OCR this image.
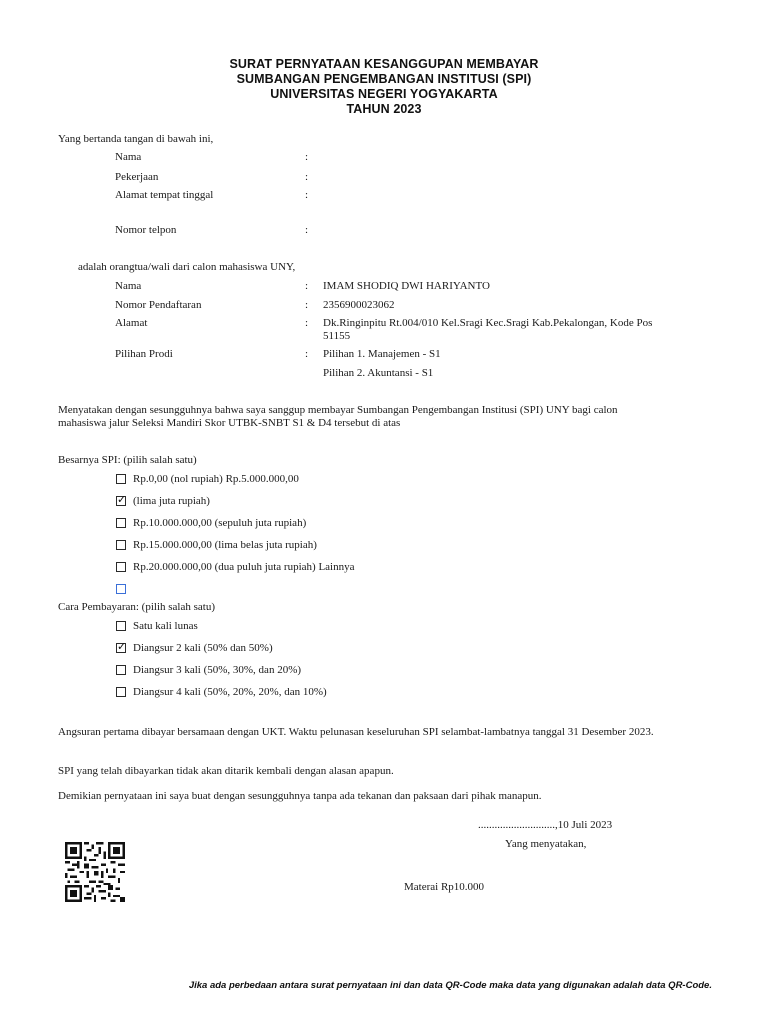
SURAT PERNYATAAN KESANGGUPAN MEMBAYAR
SUMBANGAN PENGEMBANGAN INSTITUSI (SPI)
UNIVERSITAS NEGERI YOGYAKARTA
TAHUN 2023
Yang bertanda tangan di bawah ini,
Nama	:
Pekerjaan	:
Alamat tempat tinggal	:
Nomor telpon	:
adalah orangtua/wali dari calon mahasiswa UNY,
Nama	: IMAM SHODIQ DWI HARIYANTO
Nomor Pendaftaran	: 2356900023062
Alamat	: Dk.Ringinpitu Rt.004/010 Kel.Sragi Kec.Sragi Kab.Pekalongan, Kode Pos
51155
Pilihan Prodi	: Pilihan 1. Manajemen - S1
Pilihan 2. Akuntansi - S1
Menyatakan dengan sesungguhnya bahwa saya sanggup membayar Sumbangan Pengembangan Institusi (SPI) UNY bagi calon mahasiswa jalur Seleksi Mandiri Skor UTBK-SNBT S1 & D4 tersebut di atas
Besarnya SPI: (pilih salah satu)
Rp.0,00 (nol rupiah) Rp.5.000.000,00
✓ (lima juta rupiah)
Rp.10.000.000,00 (sepuluh juta rupiah)
Rp.15.000.000,00 (lima belas juta rupiah)
Rp.20.000.000,00 (dua puluh juta rupiah) Lainnya
Cara Pembayaran: (pilih salah satu)
Satu kali lunas
✓ Diangsur 2 kali (50% dan 50%)
Diangsur 3 kali (50%, 30%, dan 20%)
Diangsur 4 kali (50%, 20%, 20%, dan 10%)
Angsuran pertama dibayar bersamaan dengan UKT. Waktu pelunasan keseluruhan SPI selambat-lambatnya tanggal 31 Desember 2023.
SPI yang telah dibayarkan tidak akan ditarik kembali dengan alasan apapun.
Demikian pernyataan ini saya buat dengan sesungguhnya tanpa ada tekanan dan paksaan dari pihak manapun.
............................,10 Juli 2023
Yang menyatakan,
Materai Rp10.000
Jika ada perbedaan antara surat pernyataan ini dan data QR-Code maka data yang digunakan adalah data QR-Code.
